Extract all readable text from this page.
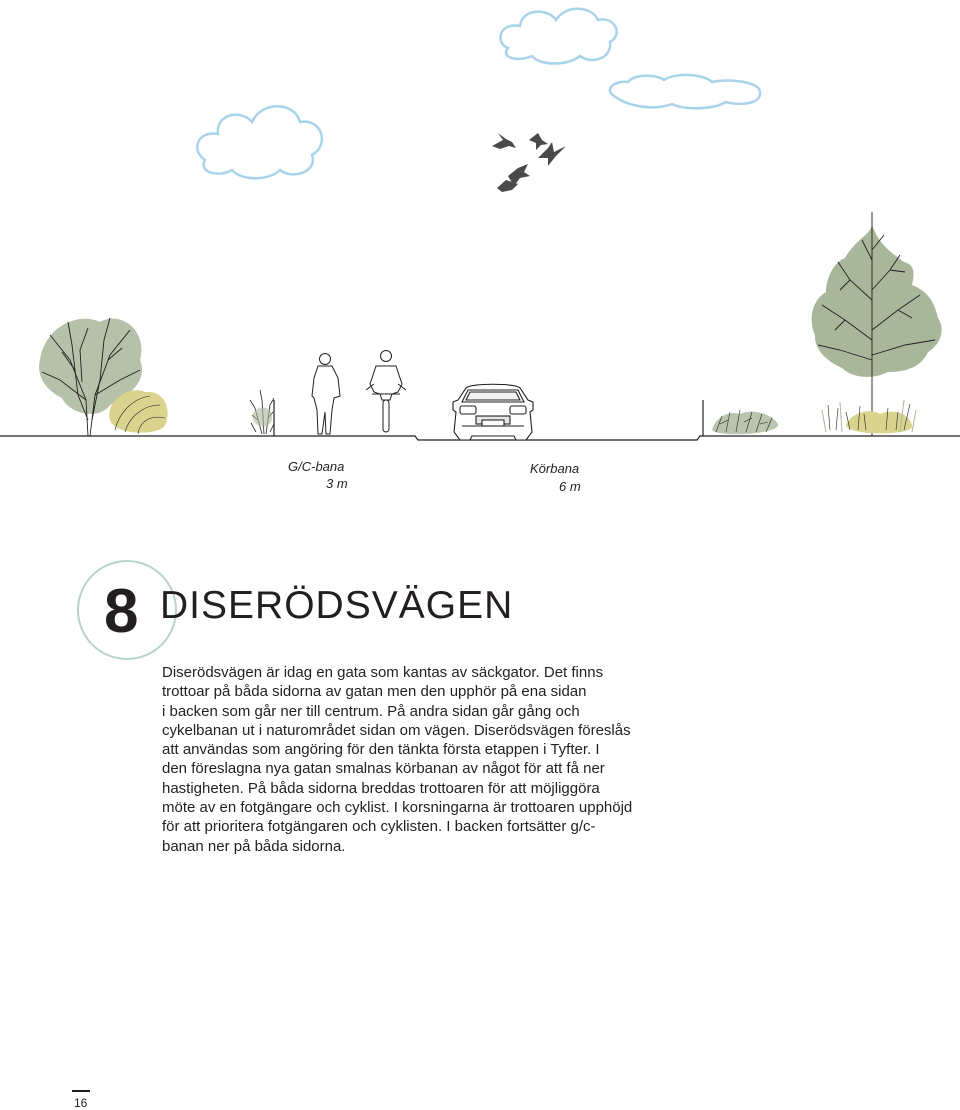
G/C-bana
3 m
Körbana
6 m
8 DISERÖDSVÄGEN
Diserödsvägen är idag en gata som kantas av säckgator. Det finns
trottoar på båda sidorna av gatan men den upphör på ena sidan
i backen som går ner till centrum. På andra sidan går gång och
cykelbanan ut i naturområdet sidan om vägen. Diserödsvägen föreslås
att användas som angöring för den tänkta första etappen i Tyfter. I
den föreslagna nya gatan smalnas körbanan av något för att få ner
hastigheten. På båda sidorna breddas trottoaren för att möjliggöra
möte av en fotgängare och cyklist. I korsningarna är trottoaren upphöjd
för att prioritera fotgängaren och cyklisten. I backen fortsätter g/c-
banan ner på båda sidorna.
16
